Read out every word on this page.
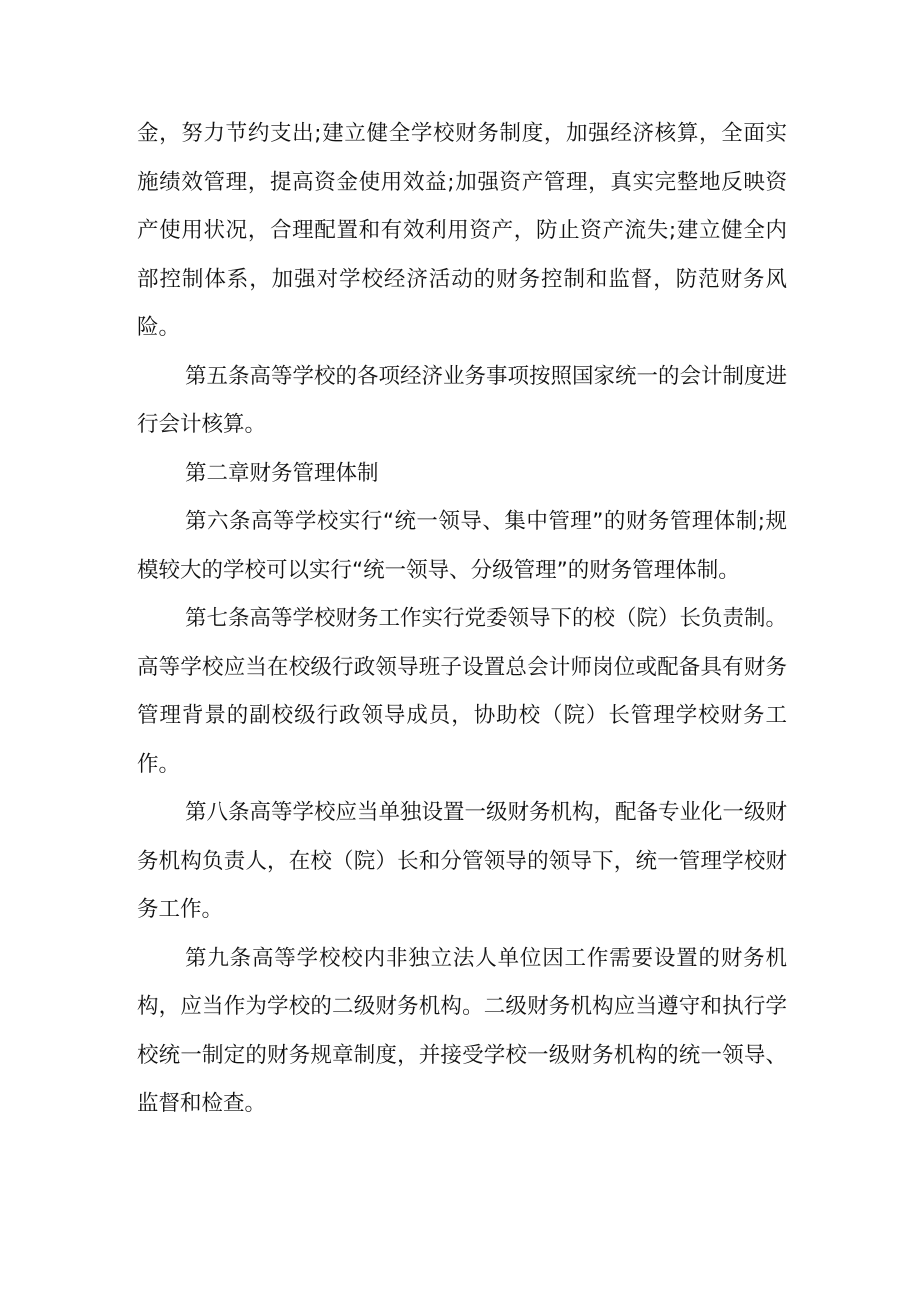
金，努力节约支出;建立健全学校财务制度，加强经济核算，全面实施绩效管理，提高资金使用效益;加强资产管理，真实完整地反映资产使用状况，合理配置和有效利用资产，防止资产流失;建立健全内部控制体系，加强对学校经济活动的财务控制和监督，防范财务风险。

第五条高等学校的各项经济业务事项按照国家统一的会计制度进行会计核算。

第二章财务管理体制

第六条高等学校实行“统一领导、集中管理”的财务管理体制;规模较大的学校可以实行“统一领导、分级管理”的财务管理体制。

第七条高等学校财务工作实行党委领导下的校（院）长负责制。高等学校应当在校级行政领导班子设置总会计师岗位或配备具有财务管理背景的副校级行政领导成员，协助校（院）长管理学校财务工作。

第八条高等学校应当单独设置一级财务机构，配备专业化一级财务机构负责人，在校（院）长和分管领导的领导下，统一管理学校财务工作。

第九条高等学校校内非独立法人单位因工作需要设置的财务机构，应当作为学校的二级财务机构。二级财务机构应当遵守和执行学校统一制定的财务规章制度，并接受学校一级财务机构的统一领导、监督和检查。
